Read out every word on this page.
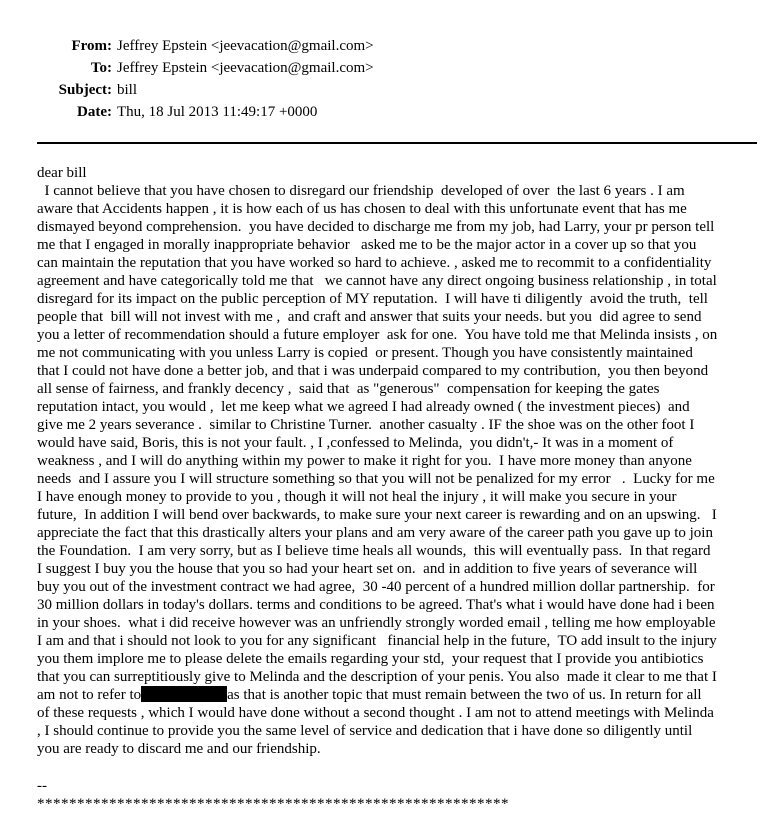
From: Jeffrey Epstein <jeevacation@gmail.com>
To: Jeffrey Epstein <jeevacation@gmail.com>
Subject: bill
Date: Thu, 18 Jul 2013 11:49:17 +0000
dear bill
I cannot believe that you have chosen to disregard our friendship  developed of over  the last 6 years . I am
aware that Accidents happen , it is how each of us has chosen to deal with this unfortunate event that has me
dismayed beyond comprehension.  you have decided to discharge me from my job, had Larry, your pr person tell
me that I engaged in morally inappropriate behavior   asked me to be the major actor in a cover up so that you
can maintain the reputation that you have worked so hard to achieve. , asked me to recommit to a confidentiality
agreement and have categorically told me that   we cannot have any direct ongoing business relationship , in total
disregard for its impact on the public perception of MY reputation.  I will have ti diligently  avoid the truth,  tell
people that  bill will not invest with me ,  and craft and answer that suits your needs. but you  did agree to send
you a letter of recommendation should a future employer  ask for one.  You have told me that Melinda insists , on
me not communicating with you unless Larry is copied  or present. Though you have consistently maintained
that I could not have done a better job, and that i was underpaid compared to my contribution,  you then beyond
all sense of fairness, and frankly decency ,  said that  as "generous"  compensation for keeping the gates
reputation intact, you would ,  let me keep what we agreed I had already owned ( the investment pieces)  and
give me 2 years severance .  similar to Christine Turner.  another casualty . IF the shoe was on the other foot I
would have said, Boris, this is not your fault. , I ,confessed to Melinda,  you didn't,- It was in a moment of
weakness , and I will do anything within my power to make it right for you.  I have more money than anyone
needs  and I assure you I will structure something so that you will not be penalized for my error   .  Lucky for me
I have enough money to provide to you , though it will not heal the injury , it will make you secure in your
future,  In addition I will bend over backwards, to make sure your next career is rewarding and on an upswing.   I
appreciate the fact that this drastically alters your plans and am very aware of the career path you gave up to join
the Foundation.  I am very sorry, but as I believe time heals all wounds,  this will eventually pass.  In that regard
I suggest I buy you the house that you so had your heart set on.  and in addition to five years of severance will
buy you out of the investment contract we had agree,  30 -40 percent of a hundred million dollar partnership.  for
30 million dollars in today's dollars. terms and conditions to be agreed. That's what i would have done had i been
in your shoes.  what i did receive however was an unfriendly strongly worded email , telling me how employable
I am and that i should not look to you for any significant   financial help in the future,  TO add insult to the injury
you them implore me to please delete the emails regarding your std,  your request that I provide you antibiotics
that you can surreptitiously give to Melinda and the description of your penis. You also  made it clear to me that I
am not to refer to	as that is another topic that must remain between the two of us. In return for all
of these requests , which I would have done without a second thought . I am not to attend meetings with Melinda
, I should continue to provide you the same level of service and dedication that i have done so diligently until
you are ready to discard me and our friendship.
--
***********************************************************
